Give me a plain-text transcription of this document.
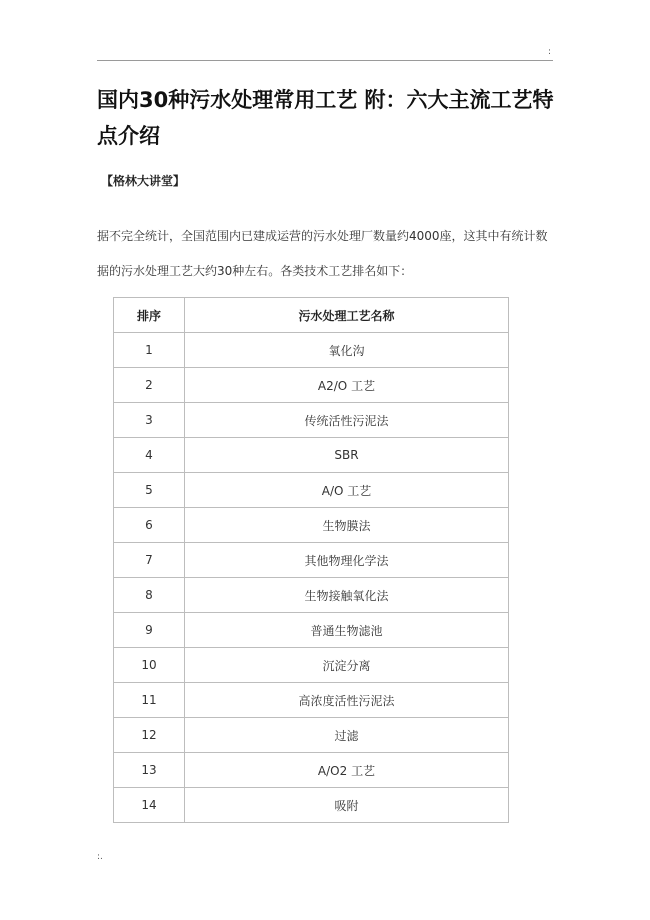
:
国内30种污水处理常用工艺 附：六大主流工艺特点介绍
【格林大讲堂】

据不完全统计，全国范围内已建成运营的污水处理厂数量约4000座，这其中有统计数据的污水处理工艺大约30种左右。各类技术工艺排名如下：

排序	污水处理工艺名称
1	氧化沟
2	A2/O 工艺
3	传统活性污泥法
4	SBR
5	A/O 工艺
6	生物膜法
7	其他物理化学法
8	生物接触氧化法
9	普通生物滤池
10	沉淀分离
11	高浓度活性污泥法
12	过滤
13	A/O2 工艺
14	吸附
:.
